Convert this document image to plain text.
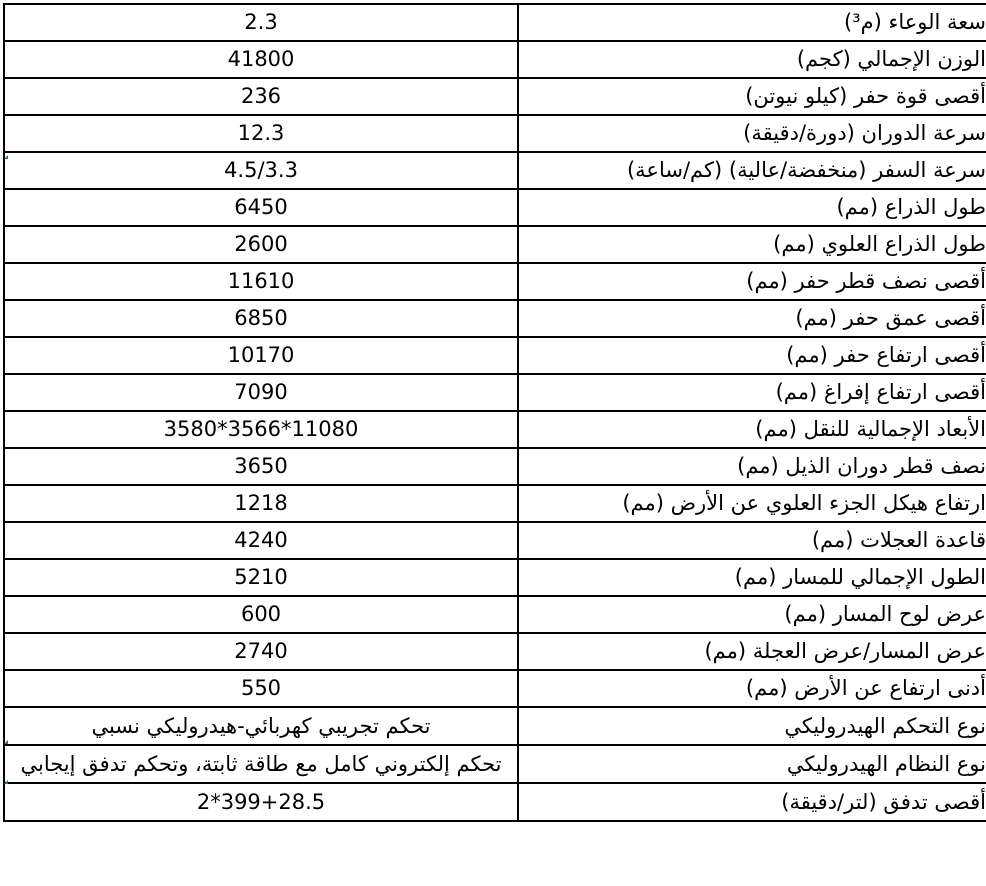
2.3	سعة الوعاء (م³)
41800	الوزن الإجمالي (كجم)
236	أقصى قوة حفر (كيلو نيوتن)
12.3	سرعة الدوران (دورة/دقيقة)
4.5/3.3	سرعة السفر (منخفضة/عالية) (كم/ساعة)
6450	طول الذراع (مم)
2600	طول الذراع العلوي (مم)
11610	أقصى نصف قطر حفر (مم)
6850	أقصى عمق حفر (مم)
10170	أقصى ارتفاع حفر (مم)
7090	أقصى ارتفاع إفراغ (مم)
3580*3566*11080	الأبعاد الإجمالية للنقل (مم)
3650	نصف قطر دوران الذيل (مم)
1218	ارتفاع هيكل الجزء العلوي عن الأرض (مم)
4240	قاعدة العجلات (مم)
5210	الطول الإجمالي للمسار (مم)
600	عرض لوح المسار (مم)
2740	عرض المسار/عرض العجلة (مم)
550	أدنى ارتفاع عن الأرض (مم)
تحكم تجريبي كهربائي-هيدروليكي نسبي	نوع التحكم الهيدروليكي
تحكم إلكتروني كامل مع طاقة ثابتة، وتحكم تدفق إيجابي	نوع النظام الهيدروليكي
2*399+28.5	أقصى تدفق (لتر/دقيقة)
